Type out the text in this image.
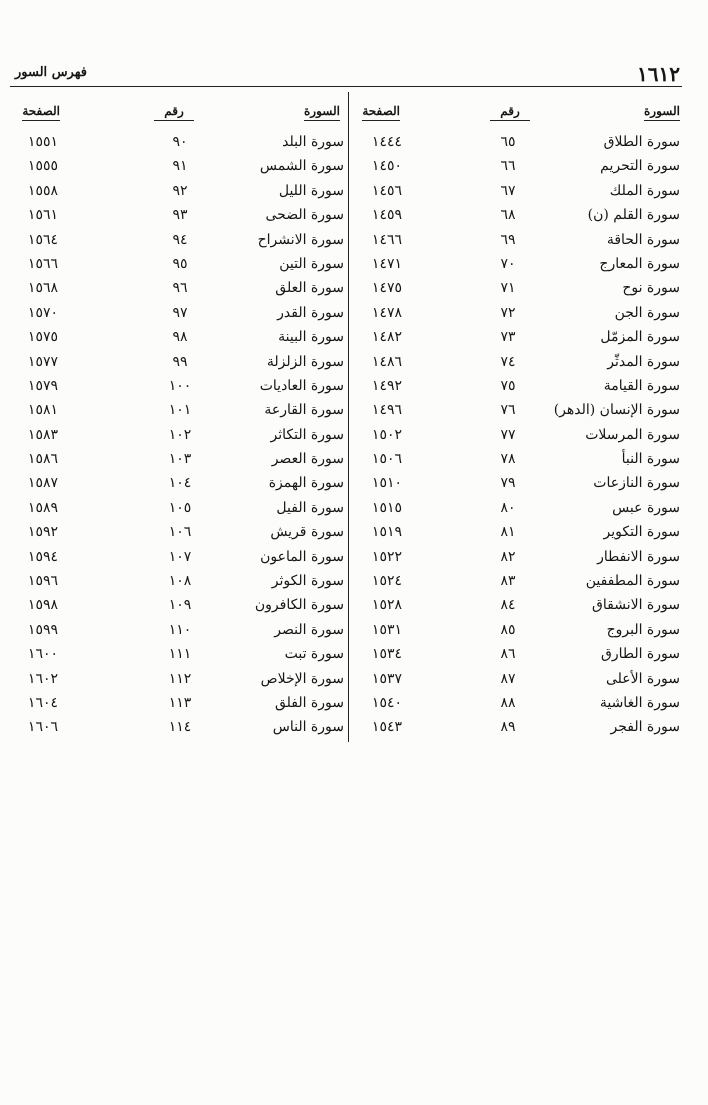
١٦١٢
فهرس السور
السورة
رقم
الصفحة
سورة الطلاق
٦٥
١٤٤٤
سورة التحريم
٦٦
١٤٥٠
سورة الملك
٦٧
١٤٥٦
سورة القلم (ن)
٦٨
١٤٥٩
سورة الحاقة
٦٩
١٤٦٦
سورة المعارج
٧٠
١٤٧١
سورة نوح
٧١
١٤٧٥
سورة الجن
٧٢
١٤٧٨
سورة المزمّل
٧٣
١٤٨٢
سورة المدثّر
٧٤
١٤٨٦
سورة القيامة
٧٥
١٤٩٢
سورة الإنسان (الدهر)
٧٦
١٤٩٦
سورة المرسلات
٧٧
١٥٠٢
سورة النبأ
٧٨
١٥٠٦
سورة النازعات
٧٩
١٥١٠
سورة عبس
٨٠
١٥١٥
سورة التكوير
٨١
١٥١٩
سورة الانفطار
٨٢
١٥٢٢
سورة المطففين
٨٣
١٥٢٤
سورة الانشقاق
٨٤
١٥٢٨
سورة البروج
٨٥
١٥٣١
سورة الطارق
٨٦
١٥٣٤
سورة الأعلى
٨٧
١٥٣٧
سورة الغاشية
٨٨
١٥٤٠
سورة الفجر
٨٩
١٥٤٣
السورة
رقم
الصفحة
سورة البلد
٩٠
١٥٥١
سورة الشمس
٩١
١٥٥٥
سورة الليل
٩٢
١٥٥٨
سورة الضحى
٩٣
١٥٦١
سورة الانشراح
٩٤
١٥٦٤
سورة التين
٩٥
١٥٦٦
سورة العلق
٩٦
١٥٦٨
سورة القدر
٩٧
١٥٧٠
سورة البينة
٩٨
١٥٧٥
سورة الزلزلة
٩٩
١٥٧٧
سورة العاديات
١٠٠
١٥٧٩
سورة القارعة
١٠١
١٥٨١
سورة التكاثر
١٠٢
١٥٨٣
سورة العصر
١٠٣
١٥٨٦
سورة الهمزة
١٠٤
١٥٨٧
سورة الفيل
١٠٥
١٥٨٩
سورة قريش
١٠٦
١٥٩٢
سورة الماعون
١٠٧
١٥٩٤
سورة الكوثر
١٠٨
١٥٩٦
سورة الكافرون
١٠٩
١٥٩٨
سورة النصر
١١٠
١٥٩٩
سورة تبت
١١١
١٦٠٠
سورة الإخلاص
١١٢
١٦٠٢
سورة الفلق
١١٣
١٦٠٤
سورة الناس
١١٤
١٦٠٦
